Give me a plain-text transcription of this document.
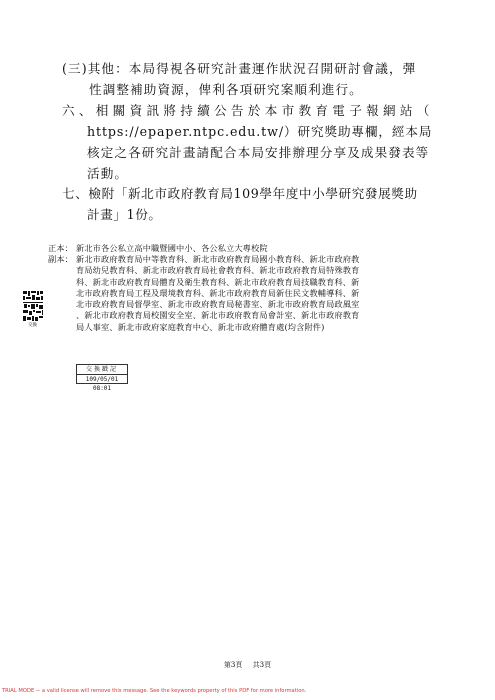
(三)其他：本局得視各研究計畫運作狀況召開研討會議，彈
性調整補助資源，俾利各項研究案順利進行。
六、相關資訊將持續公告於本市教育電子報網站（
https://epaper.ntpc.edu.tw/）研究獎助專欄，經本局
核定之各研究計畫請配合本局安排辦理分享及成果發表等
活動。
七、檢附「新北市政府教育局109學年度中小學研究發展獎助
計畫」1份。
正本： 新北市各公私立高中職暨國中小、各公私立大專校院
副本： 新北市政府教育局中等教育科、新北市政府教育局國小教育科、新北市政府教
育局幼兒教育科、新北市政府教育局社會教育科、新北市政府教育局特殊教育
科、新北市政府教育局體育及衛生教育科、新北市政府教育局技職教育科、新
北市政府教育局工程及環境教育科、新北市政府教育局新住民文教輔導科、新
北市政府教育局督學室、新北市政府教育局秘書室、新北市政府教育局政風室
、新北市政府教育局校園安全室、新北市政府教育局會計室、新北市政府教育
局人事室、新北市政府家庭教育中心、新北市政府體育處(均含附件)
交換
交換戳記
109/05/01 08:01
第3頁 共3頁
TRIAL MODE − a valid license will remove this message. See the keywords property of this PDF for more information.
